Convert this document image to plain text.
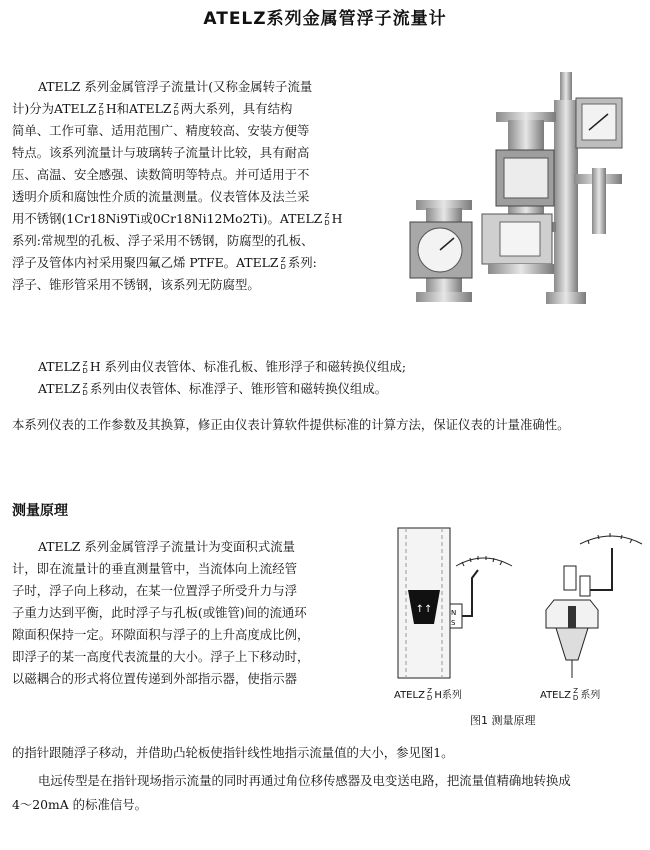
ATELZ系列金属管浮子流量计
ATELZ 系列金属管浮子流量计(又称金属转子流量
计)分为ATELZ Z
D H和ATELZ Z
D 两大系列，具有结构
简单、工作可靠、适用范围广、精度较高、安装方便等
特点。该系列流量计与玻璃转子流量计比较，具有耐高
压、高温、安全感强、读数简明等特点。并可适用于不
透明介质和腐蚀性介质的流量测量。仪表管体及法兰采
用不锈钢(1Cr18Ni9Ti或0Cr18Ni12Mo2Ti)。ATELZ Z
D H
系列:常规型的孔板、浮子采用不锈钢，防腐型的孔板、
浮子及管体内衬采用聚四氟乙烯 PTFE。ATELZ Z
D 系列:
浮子、锥形管采用不锈钢，该系列无防腐型。
ATELZ Z
D H 系列由仪表管体、标准孔板、锥形浮子和磁转换仪组成;
ATELZ Z
D 系列由仪表管体、标准浮子、锥形管和磁转换仪组成。
本系列仪表的工作参数及其换算，修正由仪表计算软件提供标准的计算方法，保证仪表的计量准确性。
测量原理
ATELZ 系列金属管浮子流量计为变面积式流量
计，即在流量计的垂直测量管中，当流体向上流经管
子时，浮子向上移动，在某一位置浮子所受升力与浮
子重力达到平衡，此时浮子与孔板(或锥管)间的流通环
隙面积保持一定。环隙面积与浮子的上升高度成比例，
即浮子的某一高度代表流量的大小。浮子上下移动时，
以磁耦合的形式将位置传递到外部指示器，使指示器
的指针跟随浮子移动，并借助凸轮板使指针线性地指示流量值的大小，参见图1。
电远传型是在指针现场指示流量的同时再通过角位移传感器及电变送电路，把流量值精确地转换成
4～20mA 的标准信号。
↑↑	N
S
ATELZ Z
D H系列	ATELZ Z
D 系列
图1 测量原理
